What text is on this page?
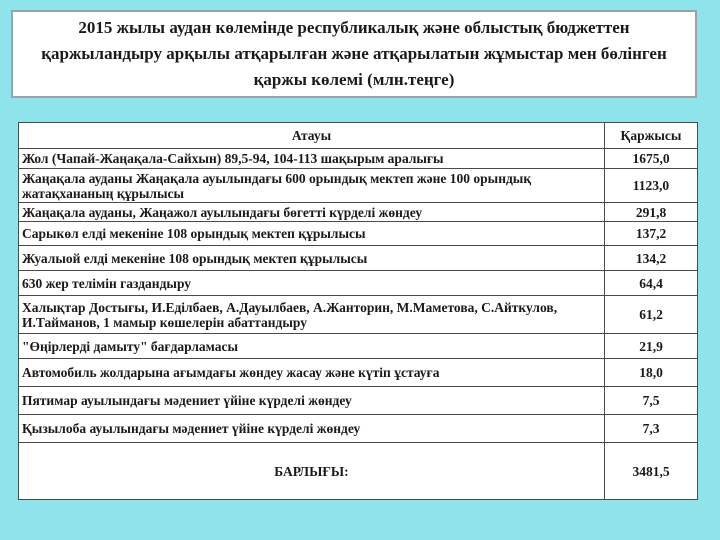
2015 жылы аудан көлемінде республикалық және облыстық бюджеттен қаржыландыру арқылы атқарылған және атқарылатын жұмыстар мен бөлінген қаржы көлемі (млн.теңге)
Атауы	Қаржысы
Жол (Чапай-Жаңақала-Сайхын) 89,5-94, 104-113 шақырым аралығы	1675,0
Жаңақала ауданы Жаңақала ауылындағы 600 орындық мектеп және 100 орындық жатақхананың құрылысы	1123,0
Жаңақала ауданы, Жаңажол ауылындағы бөгетті күрделі жөндеу	291,8
Сарыкөл елді мекеніне 108 орындық мектеп құрылысы	137,2
Жуалыой елді мекеніне 108 орындық мектеп құрылысы	134,2
630 жер телімін газдандыру	64,4
Халықтар Достығы, И.Еділбаев, А.Дауылбаев, А.Жанторин, М.Маметова, С.Айткулов, И.Тайманов, 1 мамыр көшелерін абаттандыру	61,2
"Өңірлерді дамыту" бағдарламасы	21,9
Автомобиль жолдарына ағымдағы жөндеу жасау және күтіп ұстауға	18,0
Пятимар ауылындағы мәдениет үйіне күрделі жөндеу	7,5
Қызылоба ауылындағы мәдениет үйіне күрделі жөндеу	7,3
БАРЛЫҒЫ:	3481,5
